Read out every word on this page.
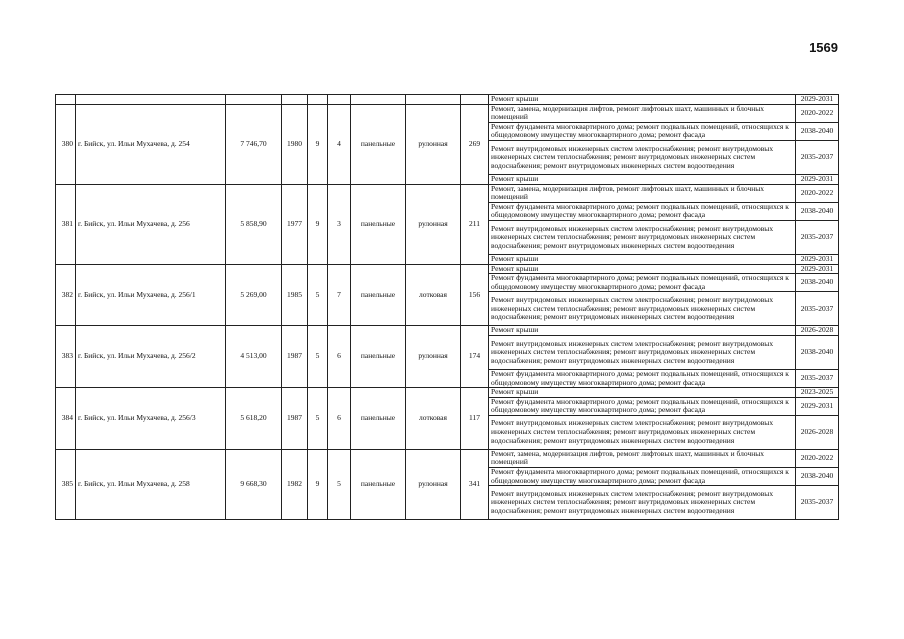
1569
									Ремонт крыши	2029-2031
380	г. Бийск, ул. Ильи Мухачева, д. 254	7 746,70	1980	9	4	панельные	рулонная	269	Ремонт, замена, модернизация лифтов, ремонт лифтовых шахт, машинных и блочных помещений	2020-2022
									Ремонт фундамента многоквартирного дома; ремонт подвальных помещений, относящихся к общедомовому имуществу многоквартирного дома; ремонт фасада	2038-2040
									Ремонт внутридомовых инженерных систем электроснабжения; ремонт внутридомовых инженерных систем теплоснабжения; ремонт внутридомовых инженерных систем водоснабжения; ремонт внутридомовых инженерных систем водоотведения	2035-2037
									Ремонт крыши	2029-2031
381	г. Бийск, ул. Ильи Мухачева, д. 256	5 858,90	1977	9	3	панельные	рулонная	211	Ремонт, замена, модернизация лифтов, ремонт лифтовых шахт, машинных и блочных помещений	2020-2022
									Ремонт фундамента многоквартирного дома; ремонт подвальных помещений, относящихся к общедомовому имуществу многоквартирного дома; ремонт фасада	2038-2040
									Ремонт внутридомовых инженерных систем электроснабжения; ремонт внутридомовых инженерных систем теплоснабжения; ремонт внутридомовых инженерных систем водоснабжения; ремонт внутридомовых инженерных систем водоотведения	2035-2037
									Ремонт крыши	2029-2031
382	г. Бийск, ул. Ильи Мухачева, д. 256/1	5 269,00	1985	5	7	панельные	лотковая	156	Ремонт крыши	2029-2031
									Ремонт фундамента многоквартирного дома; ремонт подвальных помещений, относящихся к общедомовому имуществу многоквартирного дома; ремонт фасада	2038-2040
									Ремонт внутридомовых инженерных систем электроснабжения; ремонт внутридомовых инженерных систем теплоснабжения; ремонт внутридомовых инженерных систем водоснабжения; ремонт внутридомовых инженерных систем водоотведения	2035-2037
383	г. Бийск, ул. Ильи Мухачева, д. 256/2	4 513,00	1987	5	6	панельные	рулонная	174	Ремонт крыши	2026-2028
									Ремонт внутридомовых инженерных систем электроснабжения; ремонт внутридомовых инженерных систем теплоснабжения; ремонт внутридомовых инженерных систем водоснабжения; ремонт внутридомовых инженерных систем водоотведения	2038-2040
									Ремонт фундамента многоквартирного дома; ремонт подвальных помещений, относящихся к общедомовому имуществу многоквартирного дома; ремонт фасада	2035-2037
384	г. Бийск, ул. Ильи Мухачева, д. 256/3	5 618,20	1987	5	6	панельные	лотковая	117	Ремонт крыши	2023-2025
									Ремонт фундамента многоквартирного дома; ремонт подвальных помещений, относящихся к общедомовому имуществу многоквартирного дома; ремонт фасада	2029-2031
									Ремонт внутридомовых инженерных систем электроснабжения; ремонт внутридомовых инженерных систем теплоснабжения; ремонт внутридомовых инженерных систем водоснабжения; ремонт внутридомовых инженерных систем водоотведения	2026-2028
385	г. Бийск, ул. Ильи Мухачева, д. 258	9 668,30	1982	9	5	панельные	рулонная	341	Ремонт, замена, модернизация лифтов, ремонт лифтовых шахт, машинных и блочных помещений	2020-2022
									Ремонт фундамента многоквартирного дома; ремонт подвальных помещений, относящихся к общедомовому имуществу многоквартирного дома; ремонт фасада	2038-2040
									Ремонт внутридомовых инженерных систем электроснабжения; ремонт внутридомовых инженерных систем теплоснабжения; ремонт внутридомовых инженерных систем водоснабжения; ремонт внутридомовых инженерных систем водоотведения	2035-2037
